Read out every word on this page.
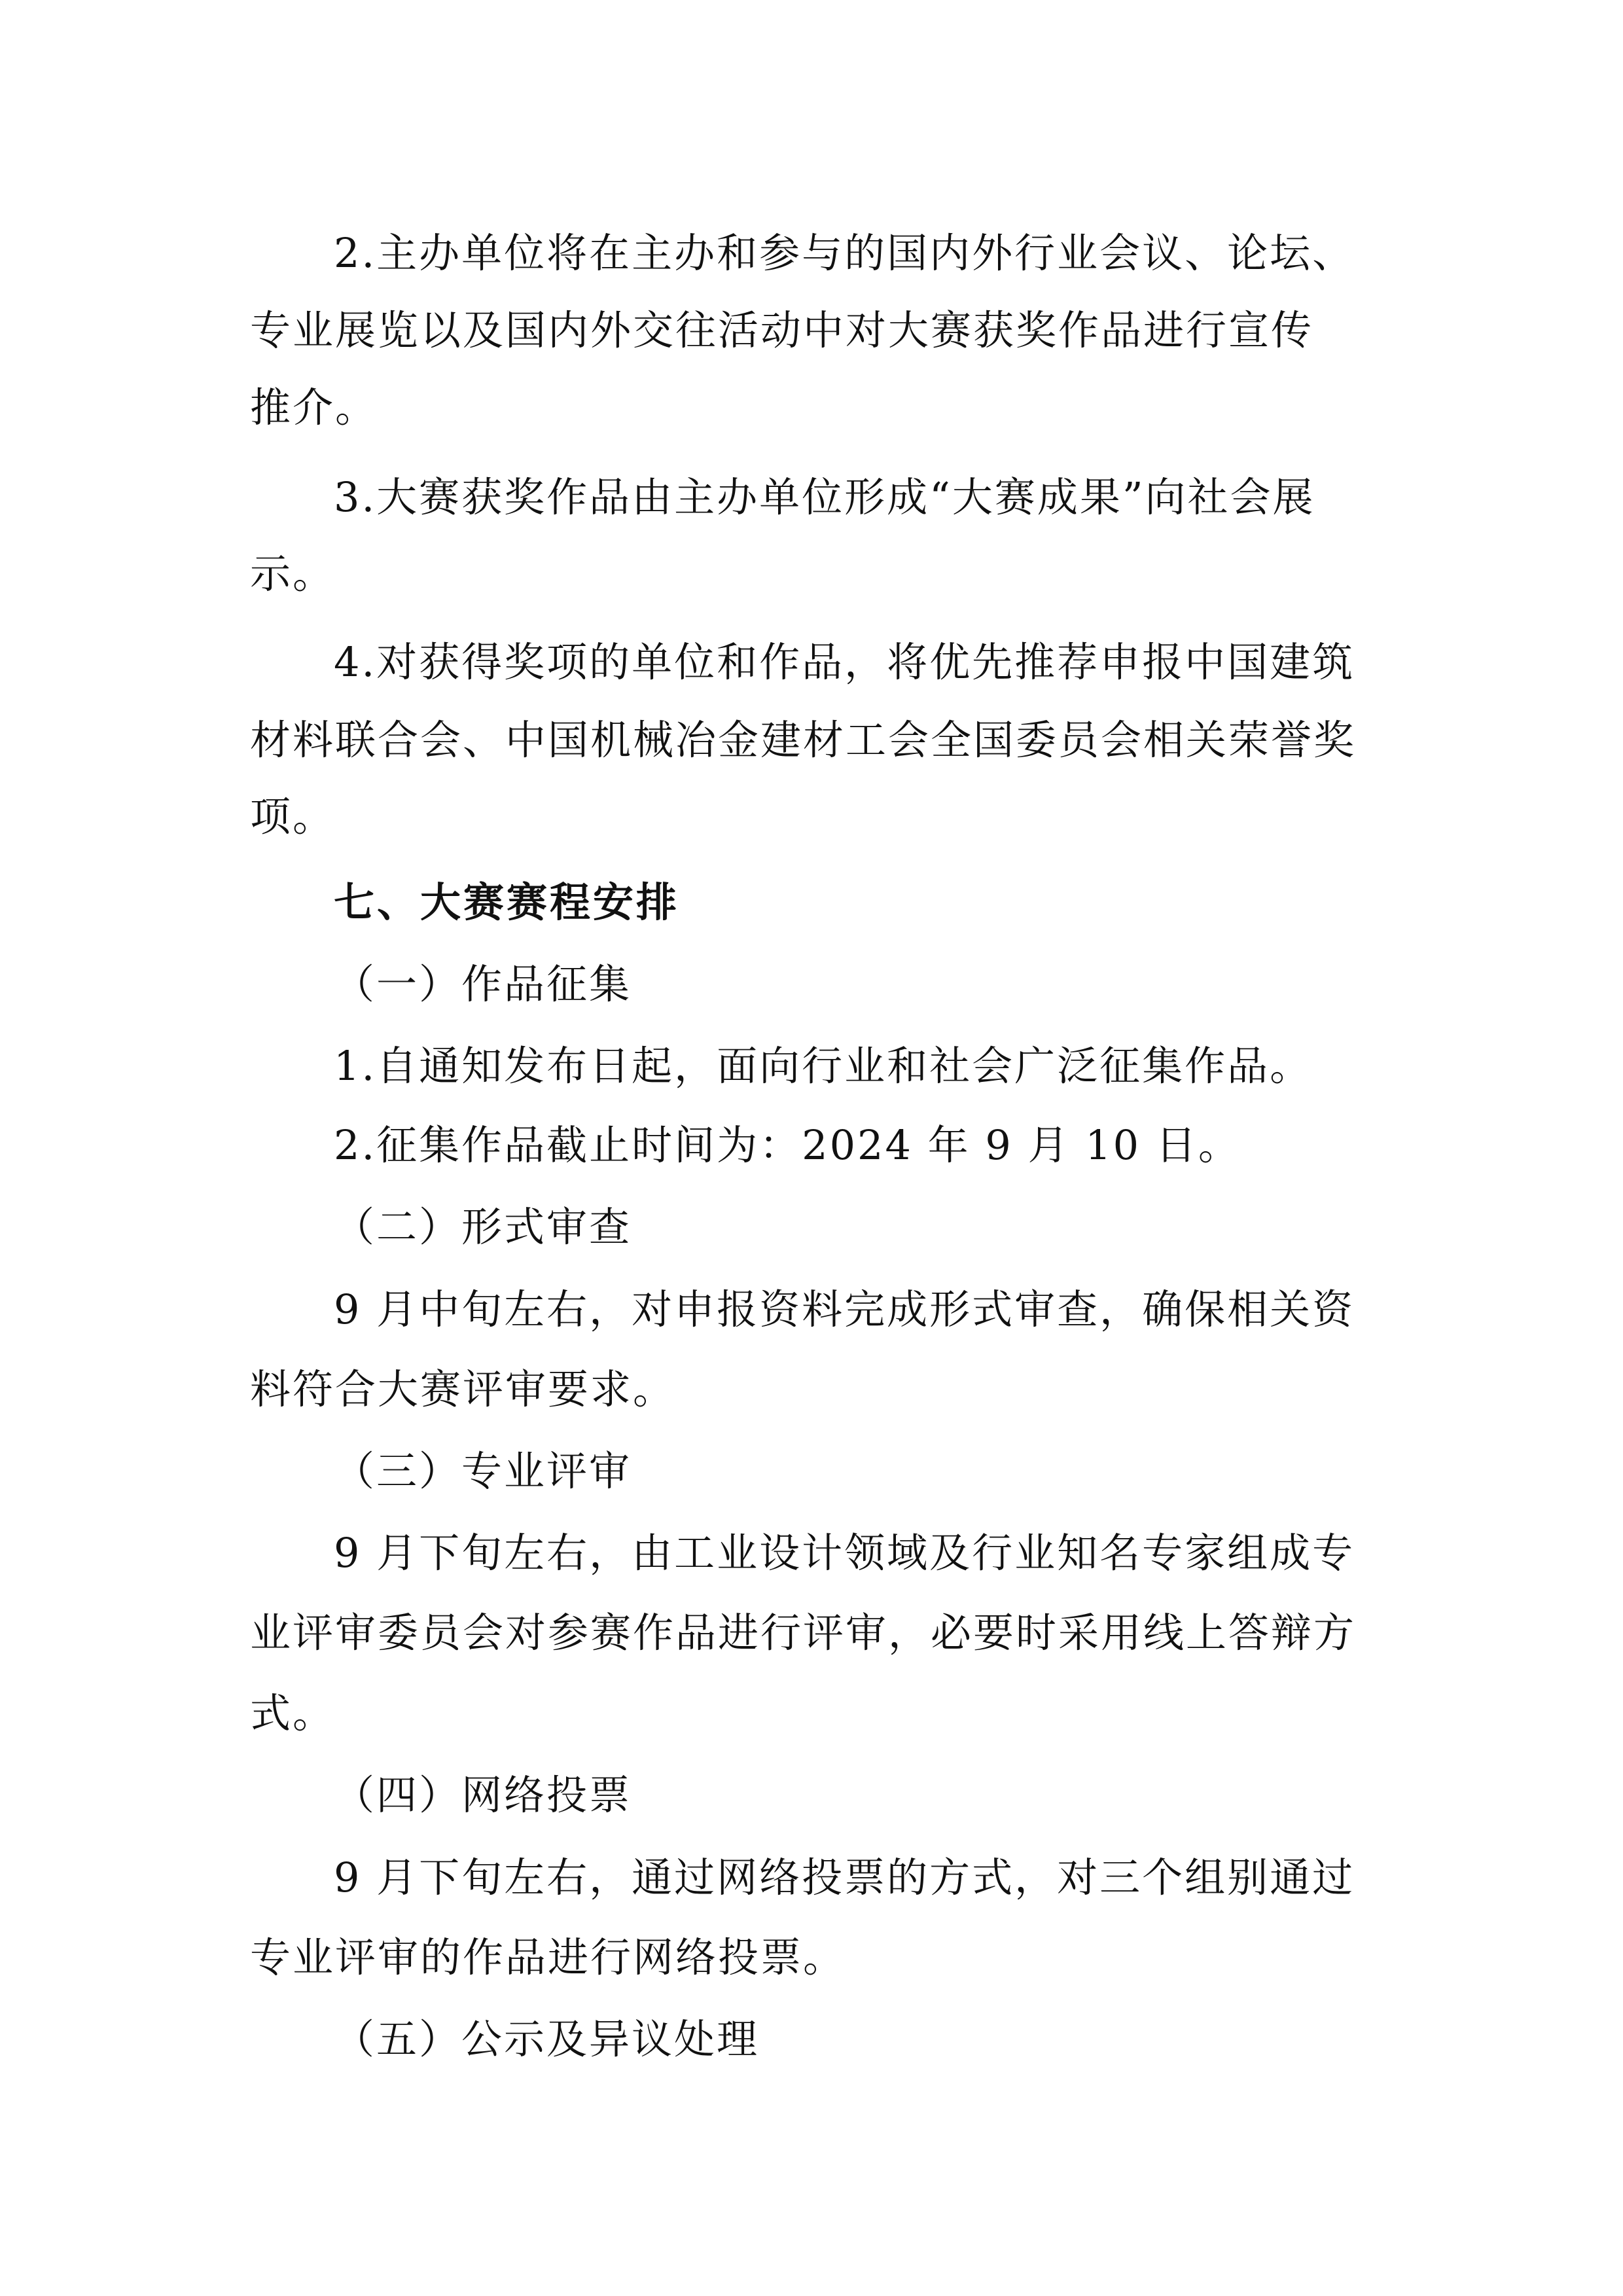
2.主办单位将在主办和参与的国内外行业会议、论坛、
专业展览以及国内外交往活动中对大赛获奖作品进行宣传
推介。
3.大赛获奖作品由主办单位形成“大赛成果”向社会展
示。
4.对获得奖项的单位和作品，将优先推荐申报中国建筑
材料联合会、中国机械冶金建材工会全国委员会相关荣誉奖
项。
七、大赛赛程安排
（一）作品征集
1.自通知发布日起，面向行业和社会广泛征集作品。
2.征集作品截止时间为：2024 年 9 月 10 日。
（二）形式审查
9 月中旬左右，对申报资料完成形式审查，确保相关资
料符合大赛评审要求。
（三）专业评审
9 月下旬左右，由工业设计领域及行业知名专家组成专
业评审委员会对参赛作品进行评审，必要时采用线上答辩方
式。
（四）网络投票
9 月下旬左右，通过网络投票的方式，对三个组别通过
专业评审的作品进行网络投票。
（五）公示及异议处理
